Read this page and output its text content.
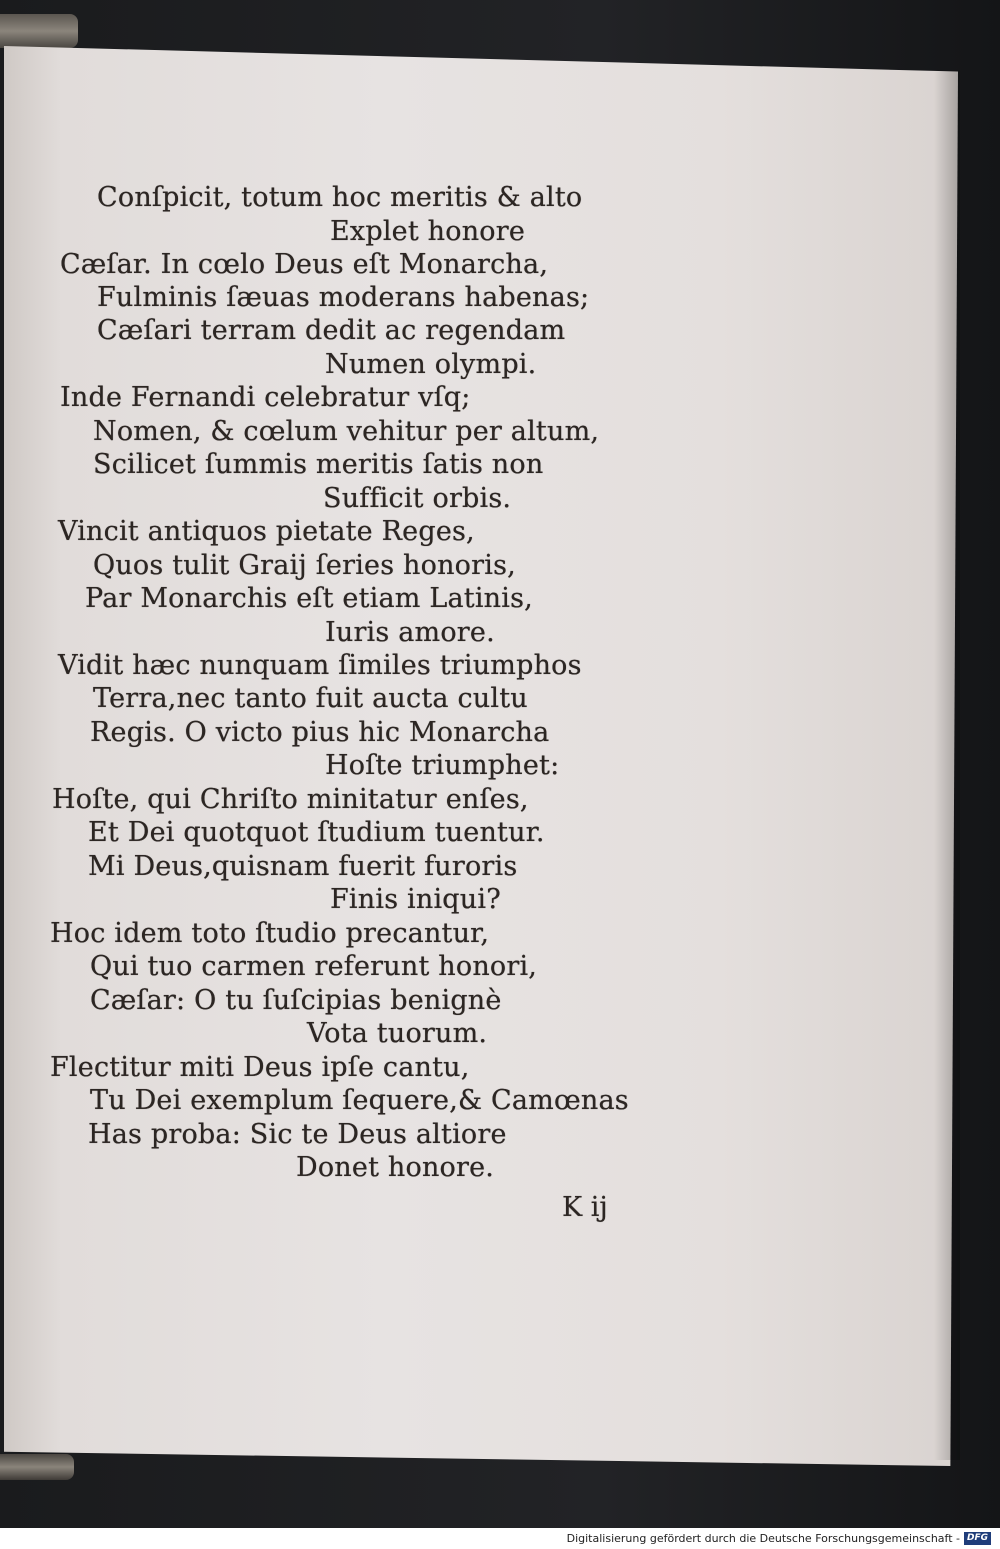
Conſpicit, totum hoc meritis & alto
Explet honore
Cæſar. In cœlo Deus eſt Monarcha,
Fulminis ſæuas moderans habenas;
Cæſari terram dedit ac regendam
Numen olympi.
Inde Fernandi celebratur vſq;
Nomen, & cœlum vehitur per altum,
Scilicet ſummis meritis ſatis non
Sufficit orbis.
Vincit antiquos pietate Reges,
Quos tulit Graij ſeries honoris,
Par Monarchis eſt etiam Latinis,
Iuris amore.
Vidit hæc nunquam ſimiles triumphos
Terra,nec tanto fuit aucta cultu
Regis. O victo pius hic Monarcha
Hoſte triumphet:
Hoſte, qui Chriſto minitatur enſes,
Et Dei quotquot ſtudium tuentur.
Mi Deus,quisnam fuerit furoris
Finis iniqui?
Hoc idem toto ſtudio precantur,
Qui tuo carmen referunt honori,
Cæſar: O tu ſuſcipias benignè
Vota tuorum.
Flectitur miti Deus ipſe cantu,
Tu Dei exemplum ſequere,& Camœnas
Has proba: Sic te Deus altiore
Donet honore.
K ij
Digitalisierung gefördert durch die Deutsche Forschungsgemeinschaft - DFG
